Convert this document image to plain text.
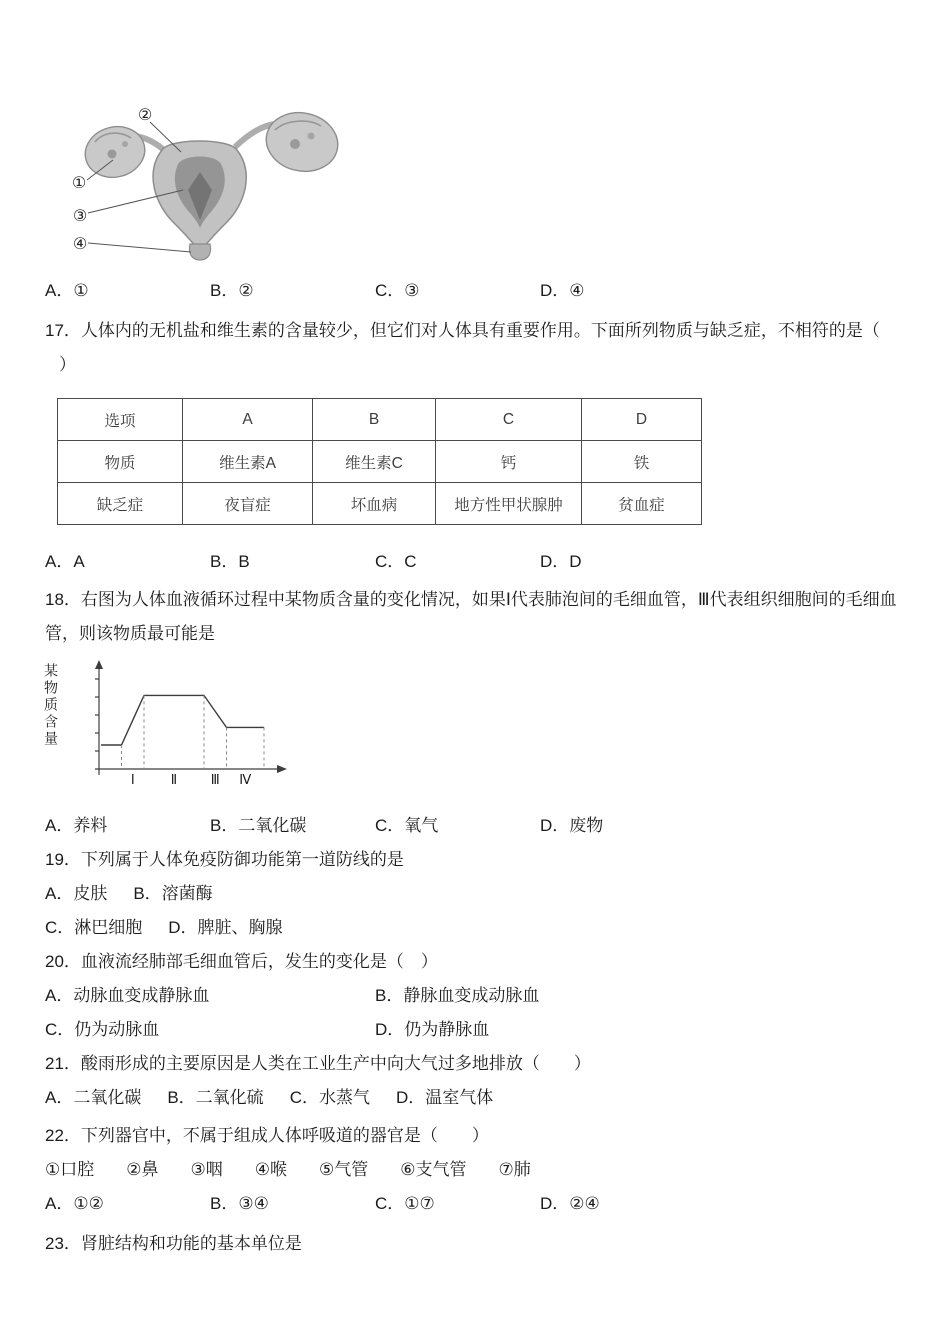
②
①
③
④
A．①	B．②	C．③	D．④
17．人体内的无机盐和维生素的含量较少，但它们对人体具有重要作用。下面所列物质与缺乏症，不相符的是（
）
选项	A	B	C	D
物质	维生素A	维生素C	钙	铁
缺乏症	夜盲症	坏血病	地方性甲状腺肿	贫血症
A．A	B．B	C．C	D．D
18．右图为人体血液循环过程中某物质含量的变化情况，如果Ⅰ代表肺泡间的毛细血管，Ⅲ代表组织细胞间的毛细血
管，则该物质最可能是
某物质含量
Ⅰ	Ⅱ	Ⅲ Ⅳ
A．养料	B．二氧化碳	C．氧气	D．废物
19．下列属于人体免疫防御功能第一道防线的是
A．皮肤 B．溶菌酶
C．淋巴细胞 D．脾脏、胸腺
20．血液流经肺部毛细血管后，发生的变化是（　）
A．动脉血变成静脉血	B．静脉血变成动脉血
C．仍为动脉血	D．仍为静脉血
21．酸雨形成的主要原因是人类在工业生产中向大气过多地排放（　　）
A．二氧化碳 B．二氧化硫 C．水蒸气 D．温室气体
22．下列器官中，不属于组成人体呼吸道的器官是（　　）
①口腔 ②鼻 ③咽 ④喉 ⑤气管 ⑥支气管 ⑦肺
A．①②	B．③④	C．①⑦	D．②④
23．肾脏结构和功能的基本单位是
